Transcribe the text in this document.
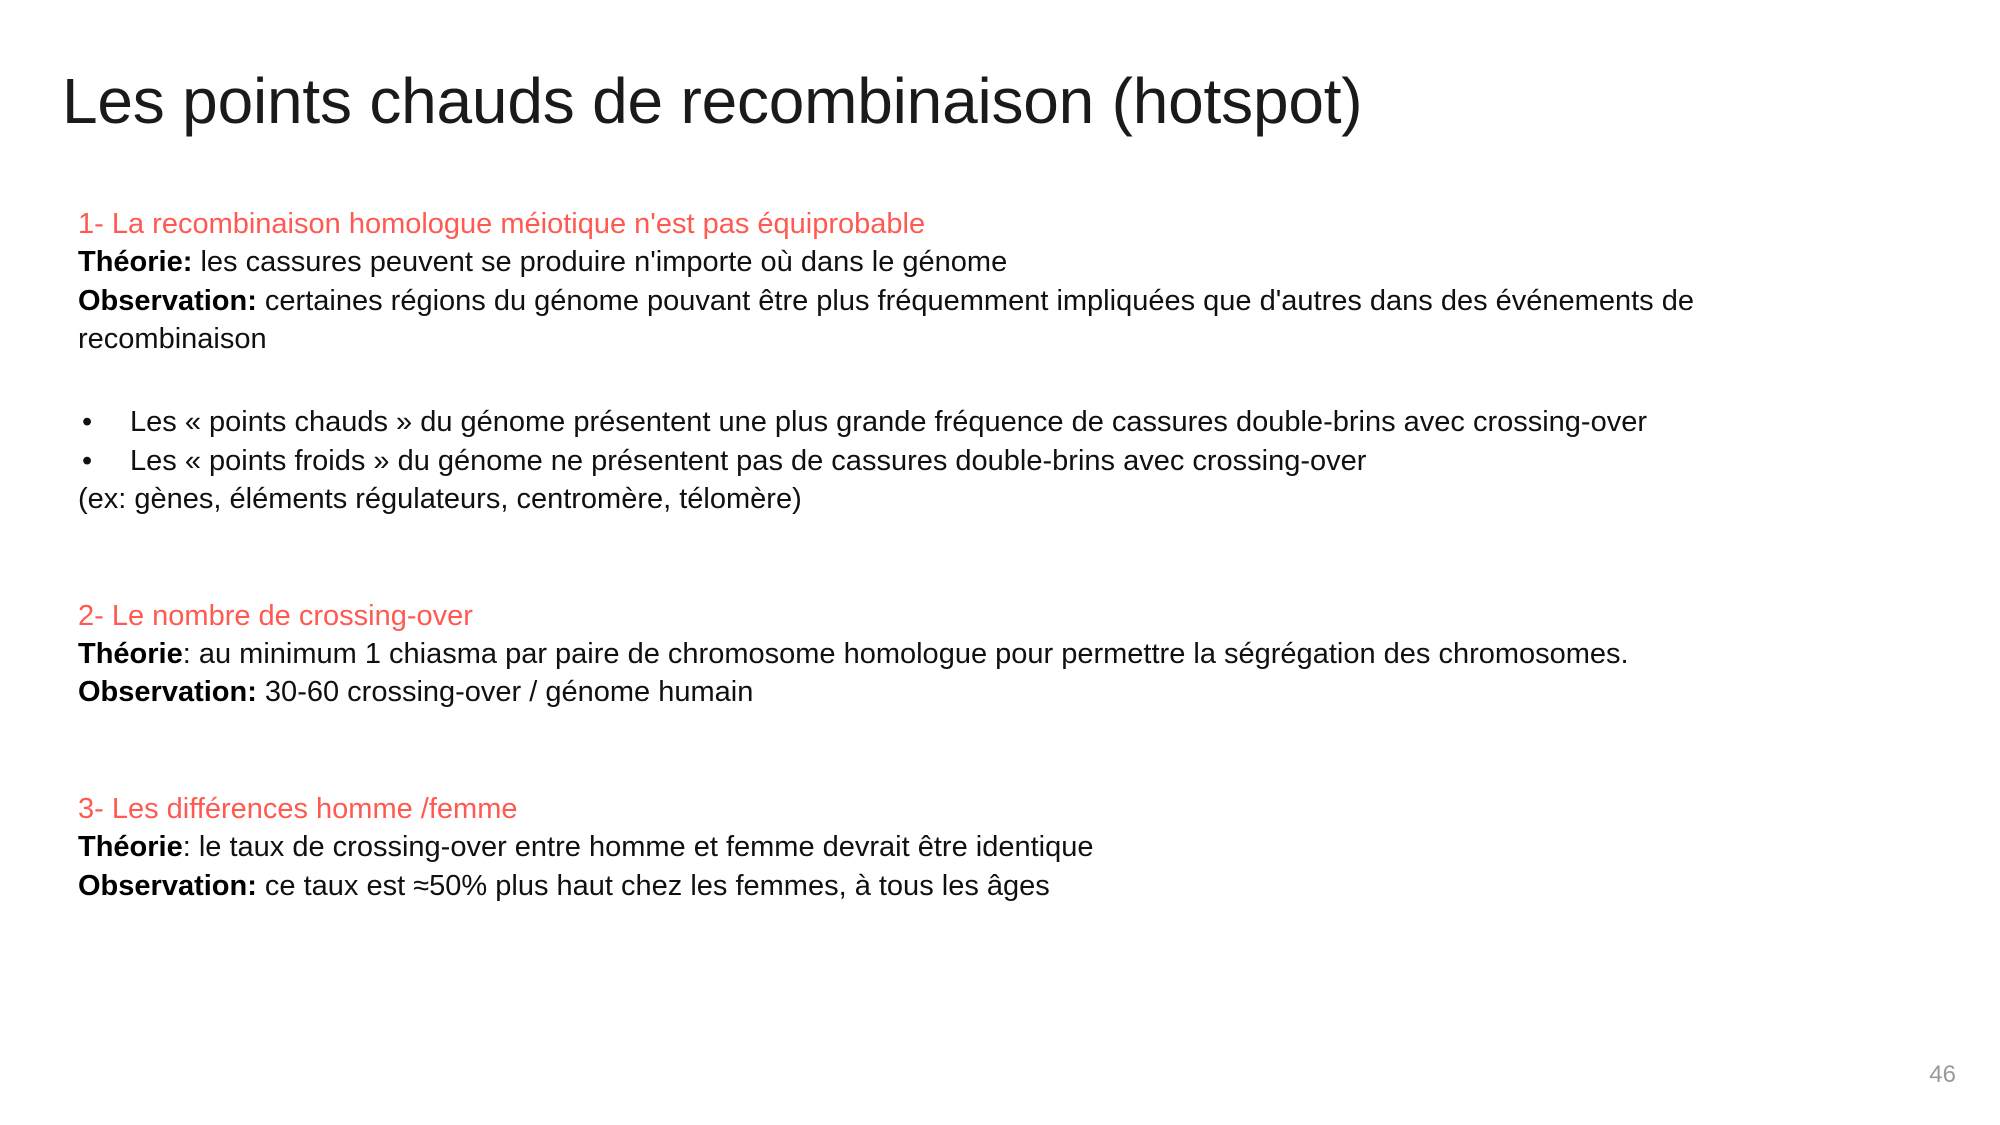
Les points chauds de recombinaison (hotspot)

1- La recombinaison homologue méiotique n'est pas équiprobable

Théorie: les cassures peuvent se produire n'importe où dans le génome

Observation: certaines régions du génome pouvant être plus fréquemment impliquées que d'autres dans des événements de

recombinaison

• Les « points chauds » du génome présentent une plus grande fréquence de cassures double-brins avec crossing-over
• Les « points froids » du génome ne présentent pas de cassures double-brins avec crossing-over

(ex: gènes, éléments régulateurs, centromère, télomère)

2- Le nombre de crossing-over

Théorie: au minimum 1 chiasma par paire de chromosome homologue pour permettre la ségrégation des chromosomes.

Observation: 30-60 crossing-over / génome humain

3- Les différences homme /femme

Théorie: le taux de crossing-over entre homme et femme devrait être identique

Observation: ce taux est ≈50% plus haut chez les femmes, à tous les âges

46
